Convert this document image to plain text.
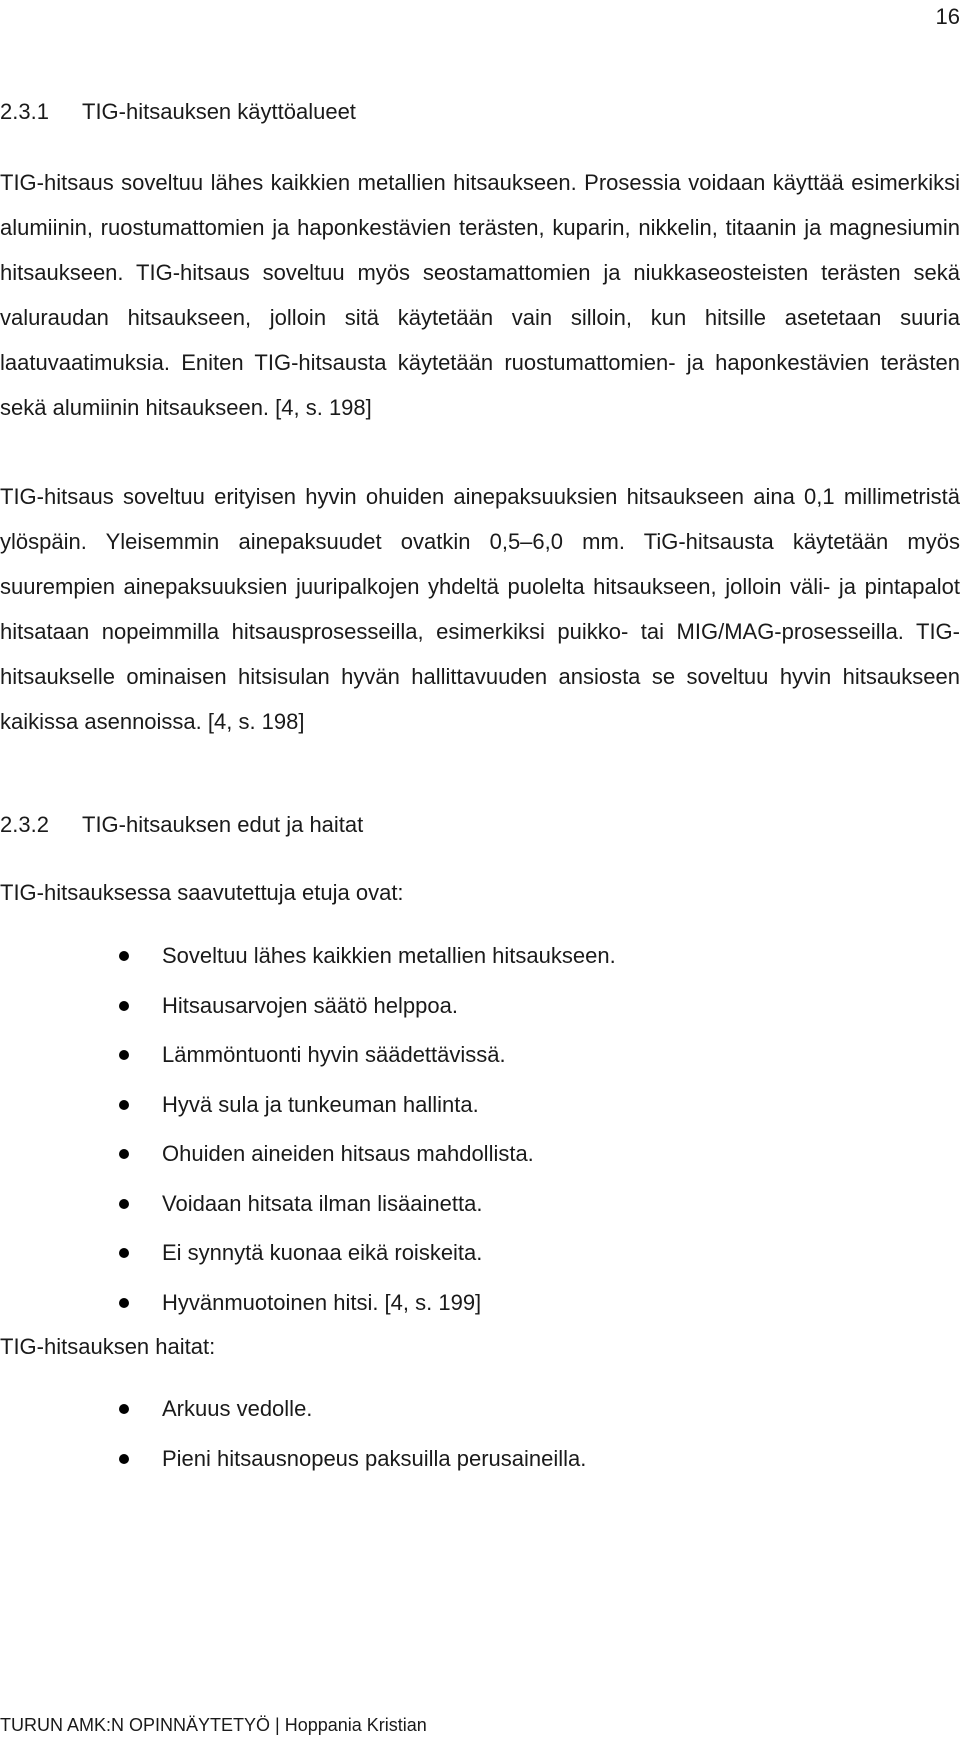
16
2.3.1 TIG-hitsauksen käyttöalueet

TIG-hitsaus soveltuu lähes kaikkien metallien hitsaukseen. Prosessia voidaan käyttää esimerkiksi alumiinin, ruostumattomien ja haponkestävien terästen, kuparin, nikkelin, titaanin ja magnesiumin hitsaukseen. TIG-hitsaus soveltuu myös seostamattomien ja niukkaseosteisten terästen sekä valuraudan hitsaukseen, jolloin sitä käytetään vain silloin, kun hitsille asetetaan suuria laatuvaatimuksia. Eniten TIG-hitsausta käytetään ruostumattomien- ja haponkestävien terästen sekä alumiinin hitsaukseen. [4, s. 198]

TIG-hitsaus soveltuu erityisen hyvin ohuiden ainepaksuuksien hitsaukseen aina 0,1 millimetristä ylöspäin. Yleisemmin ainepaksuudet ovatkin 0,5–6,0 mm. TiG-hitsausta käytetään myös suurempien ainepaksuuksien juuripalkojen yhdeltä puolelta hitsaukseen, jolloin väli- ja pintapalot hitsataan nopeimmilla hitsausprosesseilla, esimerkiksi puikko- tai MIG/MAG-prosesseilla. TIG-hitsaukselle ominaisen hitsisulan hyvän hallittavuuden ansiosta se soveltuu hyvin hitsaukseen kaikissa asennoissa. [4, s. 198]

2.3.2 TIG-hitsauksen edut ja haitat
TIG-hitsauksessa saavutettuja etuja ovat:
Soveltuu lähes kaikkien metallien hitsaukseen.
Hitsausarvojen säätö helppoa.
Lämmöntuonti hyvin säädettävissä.
Hyvä sula ja tunkeuman hallinta.
Ohuiden aineiden hitsaus mahdollista.
Voidaan hitsata ilman lisäainetta.
Ei synnytä kuonaa eikä roiskeita.
Hyvänmuotoinen hitsi. [4, s. 199]
TIG-hitsauksen haitat:
Arkuus vedolle.
Pieni hitsausnopeus paksuilla perusaineilla.
TURUN AMK:N OPINNÄYTETYÖ | Hoppania Kristian
